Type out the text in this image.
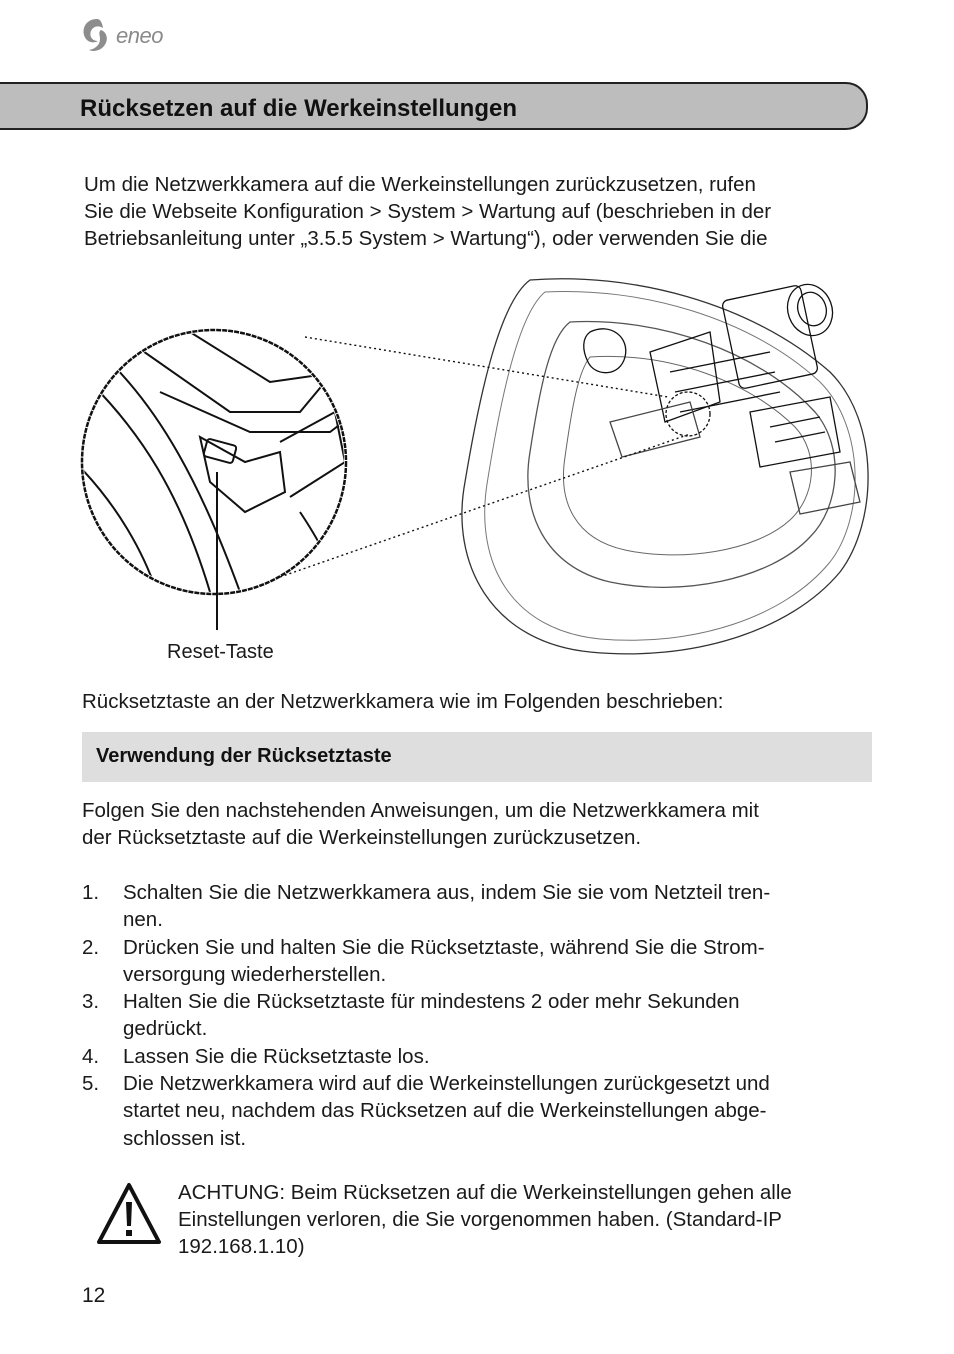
eneo
Rücksetzen auf die Werkeinstellungen
Um die Netzwerkkamera auf die Werkeinstellungen zurückzusetzen, rufen
Sie die Webseite Konfiguration > System > Wartung auf (beschrieben in der
Betriebsanleitung unter „3.5.5 System > Wartung“), oder verwenden Sie die
Reset-Taste
Rücksetztaste an der Netzwerkkamera wie im Folgenden beschrieben:
Verwendung der Rücksetztaste
Folgen Sie den nachstehenden Anweisungen, um die Netzwerkkamera mit
der Rücksetztaste auf die Werkeinstellungen zurückzusetzen.
1. Schalten Sie die Netzwerkkamera aus, indem Sie sie vom Netzteil tren-
nen.
2. Drücken Sie und halten Sie die Rücksetztaste, während Sie die Strom-
versorgung wiederherstellen.
3. Halten Sie die Rücksetztaste für mindestens 2 oder mehr Sekunden
gedrückt.
4. Lassen Sie die Rücksetztaste los.
5. Die Netzwerkkamera wird auf die Werkeinstellungen zurückgesetzt und
startet neu, nachdem das Rücksetzen auf die Werkeinstellungen abge-
schlossen ist.
ACHTUNG: Beim Rücksetzen auf die Werkeinstellungen gehen alle
Einstellungen verloren, die Sie vorgenommen haben. (Standard-IP
192.168.1.10)
12
